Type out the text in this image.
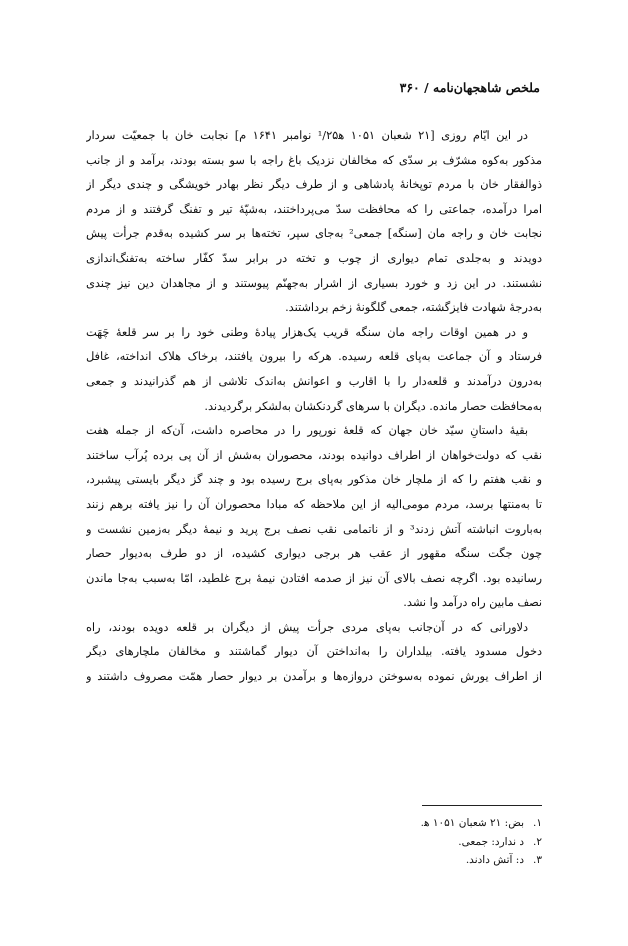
ملخص شاهجهان‌نامه / ۳۶۰
در این ایّام روزی [۲۱ شعبان ۱۰۵۱ ه‍¹/۲۵ نوامبر ۱۶۴۱ م] نجابت خان با جمعیّت سردار
مذکور به‌کوه مشرّف بر سدّی که مخالفان نزدیک باغ راجه با سو بسته بودند، برآمد و از جانب
ذوالفقار خان با مردم توپخانۀ پادشاهی و از طرف دیگر نظر بهادر خویشگی و چندی دیگر از
امرا درآمده، جماعتی را که محافظت سدّ می‌پرداختند، به‌شپّۀ تیر و تفنگ گرفتند و از مردم
نجابت خان و راجه مان [سنگه] جمعی² به‌جای سپر، تخته‌ها بر سر کشیده به‌قدم جرأت پیش
دویدند و به‌جلدی تمام دیواری از چوب و تخته در برابر سدّ کفّار ساخته به‌تفنگ‌اندازی
نشستند. در این زد و خورد بسیاری از اشرار به‌جهنّم پیوستند و از مجاهدان دین نیز چندی
به‌درجۀ شهادت فایزگشته، جمعی گلگونۀ زخم برداشتند.
و در همین اوقات راجه مان سنگه قریب یک‌هزار پیادۀ وطنی خود را بر سر قلعۀ چَهَت
فرستاد و آن جماعت به‌پای قلعه رسیده. هرکه را بیرون یافتند، برخاک هلاک انداخته، غافل
به‌درون درآمدند و قلعه‌دار را با اقارب و اعوانش به‌اندک تلاشی از هم گذرانیدند و جمعی
به‌محافظت حصار مانده. دیگران با سرهای گردنکشان به‌لشکر برگردیدند.
بقیۀ داستانِ سیّد خان جهان که قلعۀ نورپور را در محاصره داشت، آن‌که از جمله هفت
نقب که دولت‌خواهان از اطراف دوانیده بودند، محصوران به‌شش از آن پی برده پُرآب ساختند
و نقب هفتم را که از ملچار خان مذکور به‌پای برج رسیده بود و چند گز دیگر بایستی پیشبرد،
تا به‌منتها برسد، مردم مومی‌الیه از این ملاحظه که مبادا محصوران آن را نیز یافته برهم زنند
به‌باروت انباشته آتش زدند³ و از ناتمامی نقب نصف برج پرید و نیمۀ دیگر به‌زمین نشست و
چون جگت سنگه مقهور از عقب هر برجی دیواری کشیده، از دو طرف به‌دیوار حصار
رسانیده بود. اگرچه نصف بالای آن نیز از صدمه افتادن نیمۀ برج غلطید، امّا به‌سبب به‌جا ماندن
نصف مابین راه درآمد وا نشد.
دلاورانی که در آن‌جانب به‌پای مردی جرأت پیش از دیگران بر قلعه دویده بودند، راه
دخول مسدود یافته. بیلداران را به‌انداختن آن دیوار گماشتند و مخالفان ملچارهای دیگر
از اطراف یورش نموده به‌سوختن دروازه‌ها و برآمدن بر دیوار حصار همّت مصروف داشتند و
۱.بض: ۲۱ شعبان ۱۰۵۱ ه‍.
۲.د ندارد: جمعی.
۳.د: آتش دادند.
